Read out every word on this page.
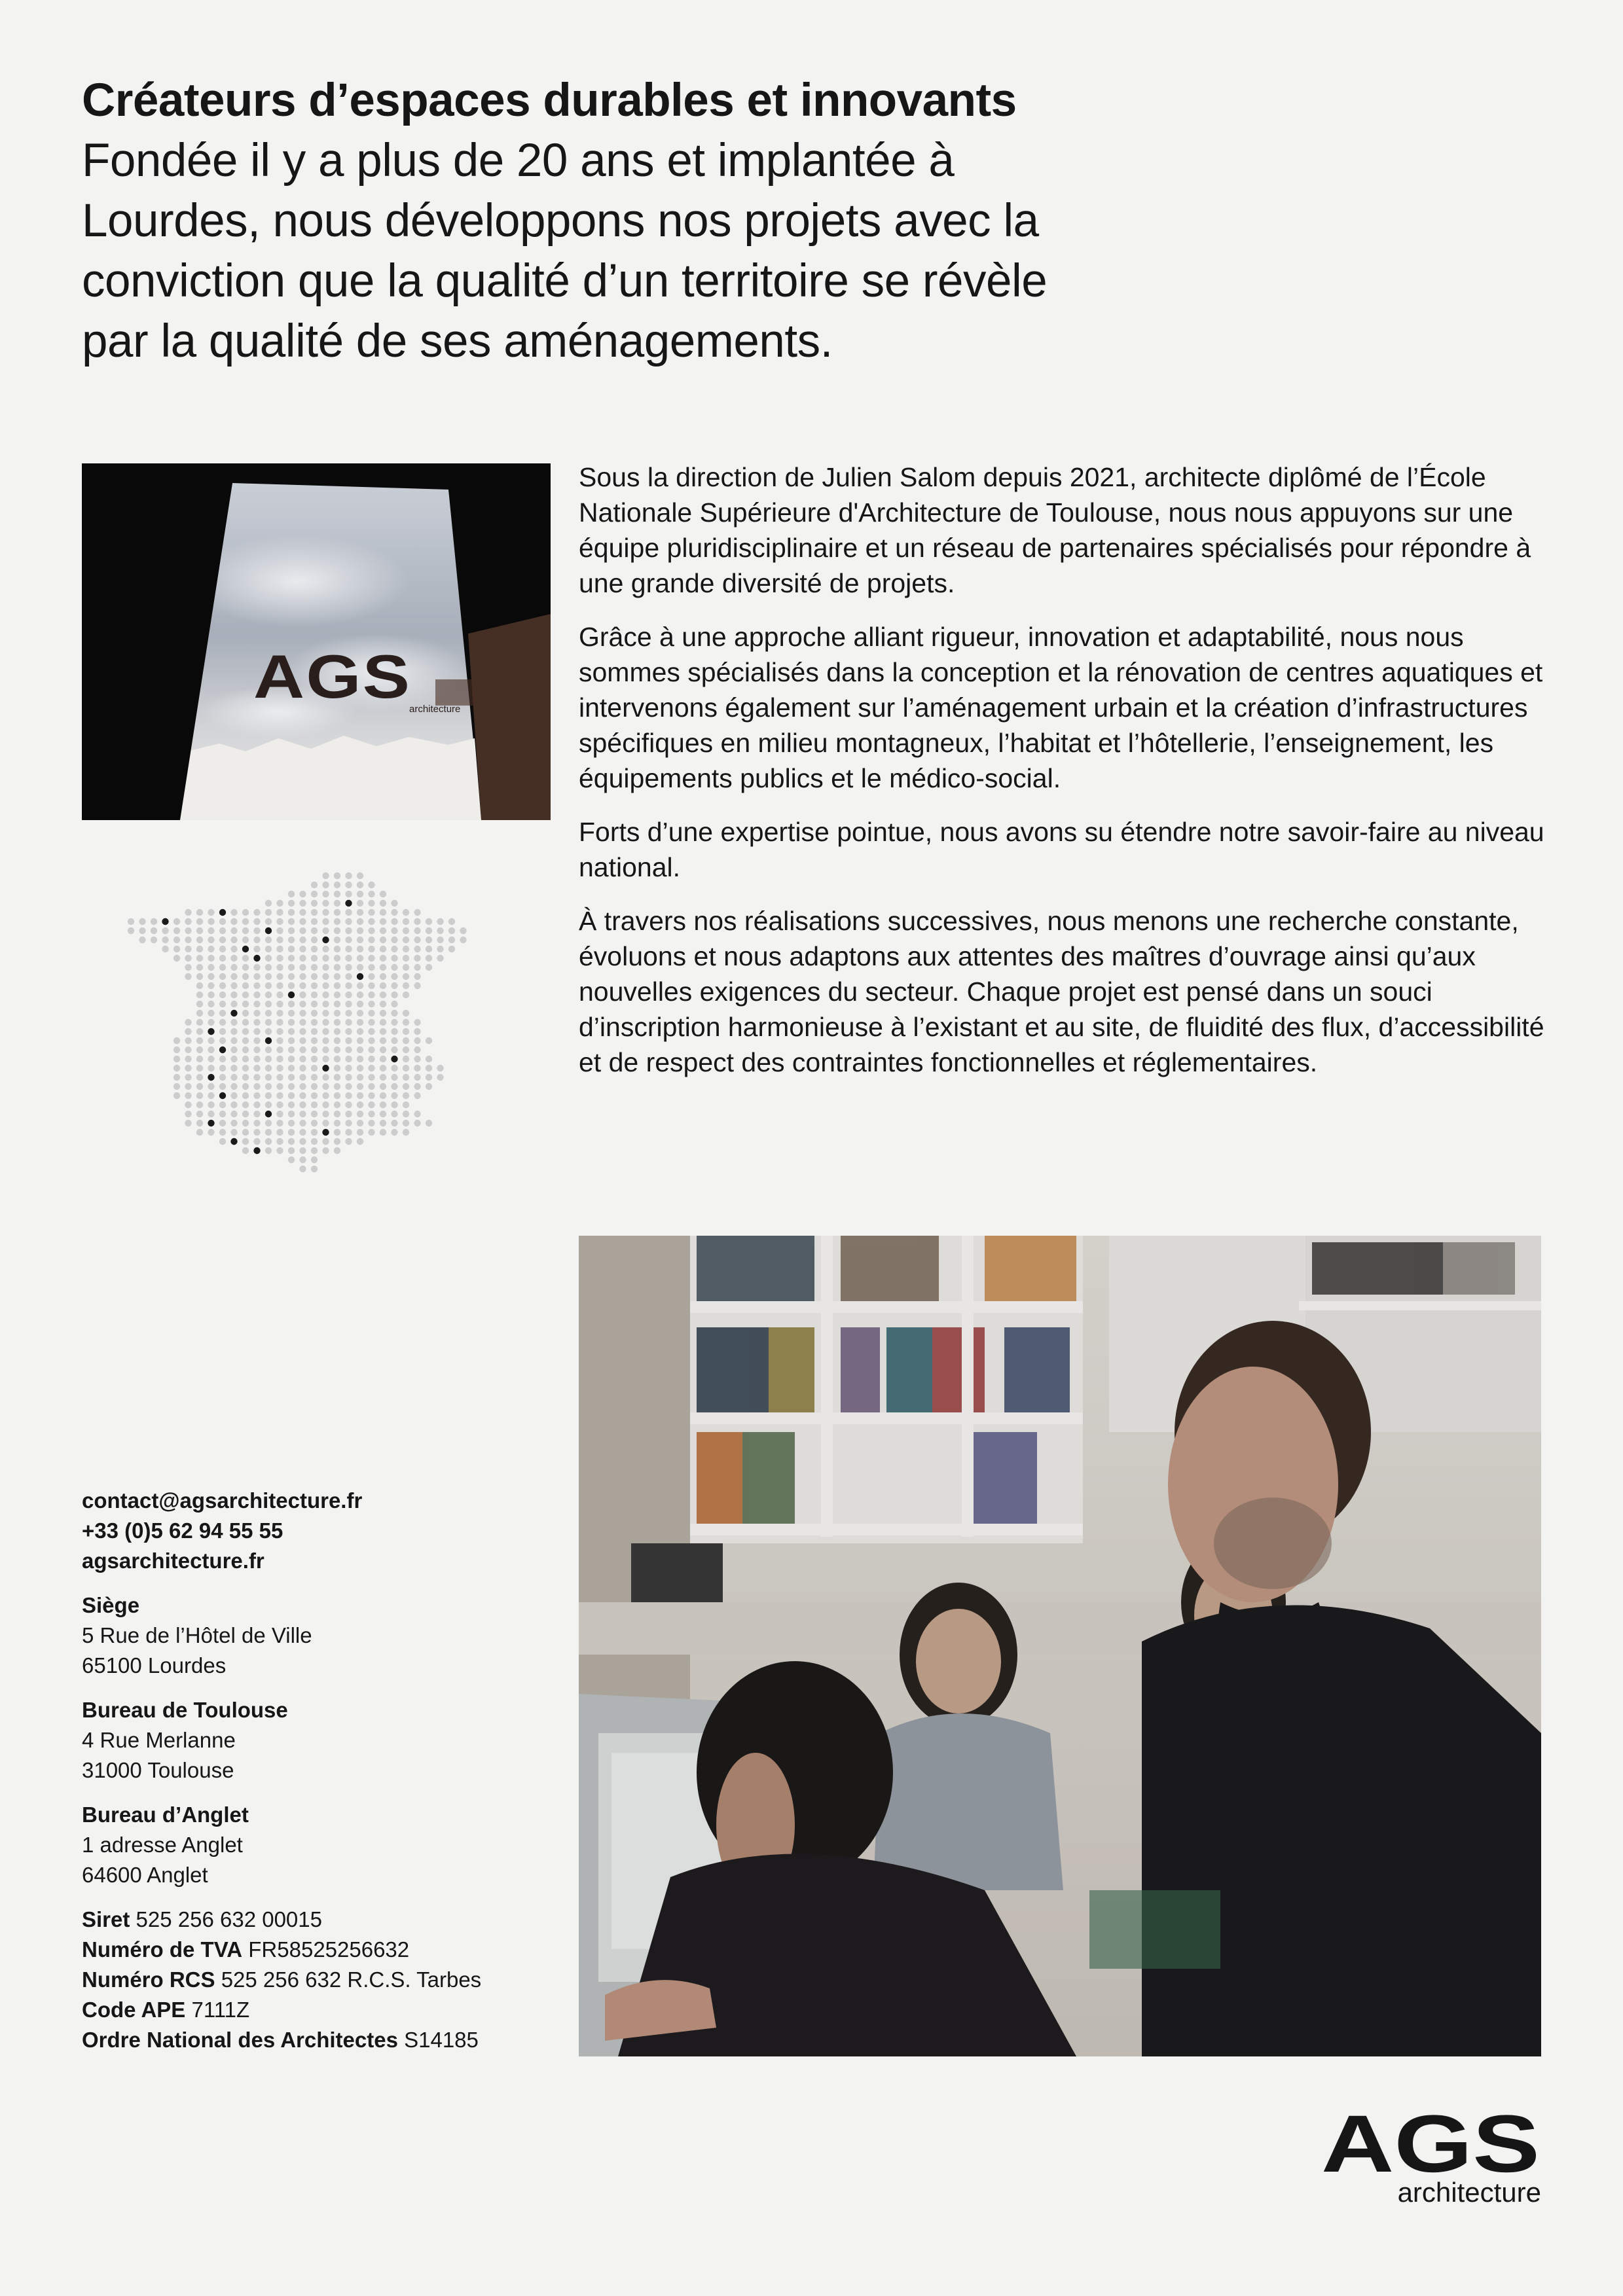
Créateurs d’espaces durables et innovants

Fondée il y a plus de 20 ans et implantée à

Lourdes, nous développons nos projets avec la

conviction que la qualité d’un territoire se révèle

par la qualité de ses aménagements.

AGS
architecture

Sous la direction de Julien Salom depuis 2021, architecte diplômé de l’École Nationale Supérieure d'Architecture de Toulouse, nous nous appuyons sur une équipe pluridisciplinaire et un réseau de partenaires spécialisés pour répondre à une grande diversité de projets.

Grâce à une approche alliant rigueur, innovation et adaptabilité, nous nous sommes spécialisés dans la conception et la rénovation de centres aquatiques et intervenons également sur l’aménagement urbain et la création d’infrastructures spécifiques en milieu montagneux, l’habitat et l’hôtellerie, l’enseignement, les équipements publics et le médico-social.

Forts d’une expertise pointue, nous avons su étendre notre savoir-faire au niveau national.

À travers nos réalisations successives, nous menons une recherche constante, évoluons et nous adaptons aux attentes des maîtres d’ouvrage ainsi qu’aux nouvelles exigences du secteur. Chaque projet est pensé dans un souci d’inscription harmonieuse à l’existant et au site, de fluidité des flux, d’accessibilité et de respect des contraintes fonctionnelles et réglementaires.

contact@agsarchitecture.fr
+33 (0)5 62 94 55 55
agsarchitecture.fr
Siège
5 Rue de l’Hôtel de Ville
65100 Lourdes
Bureau de Toulouse
4 Rue Merlanne
31000 Toulouse
Bureau d’Anglet
1 adresse Anglet
64600 Anglet
Siret 525 256 632 00015
Numéro de TVA FR58525256632
Numéro RCS 525 256 632 R.C.S. Tarbes
Code APE 7111Z
Ordre National des Architectes S14185
AGS
architecture
